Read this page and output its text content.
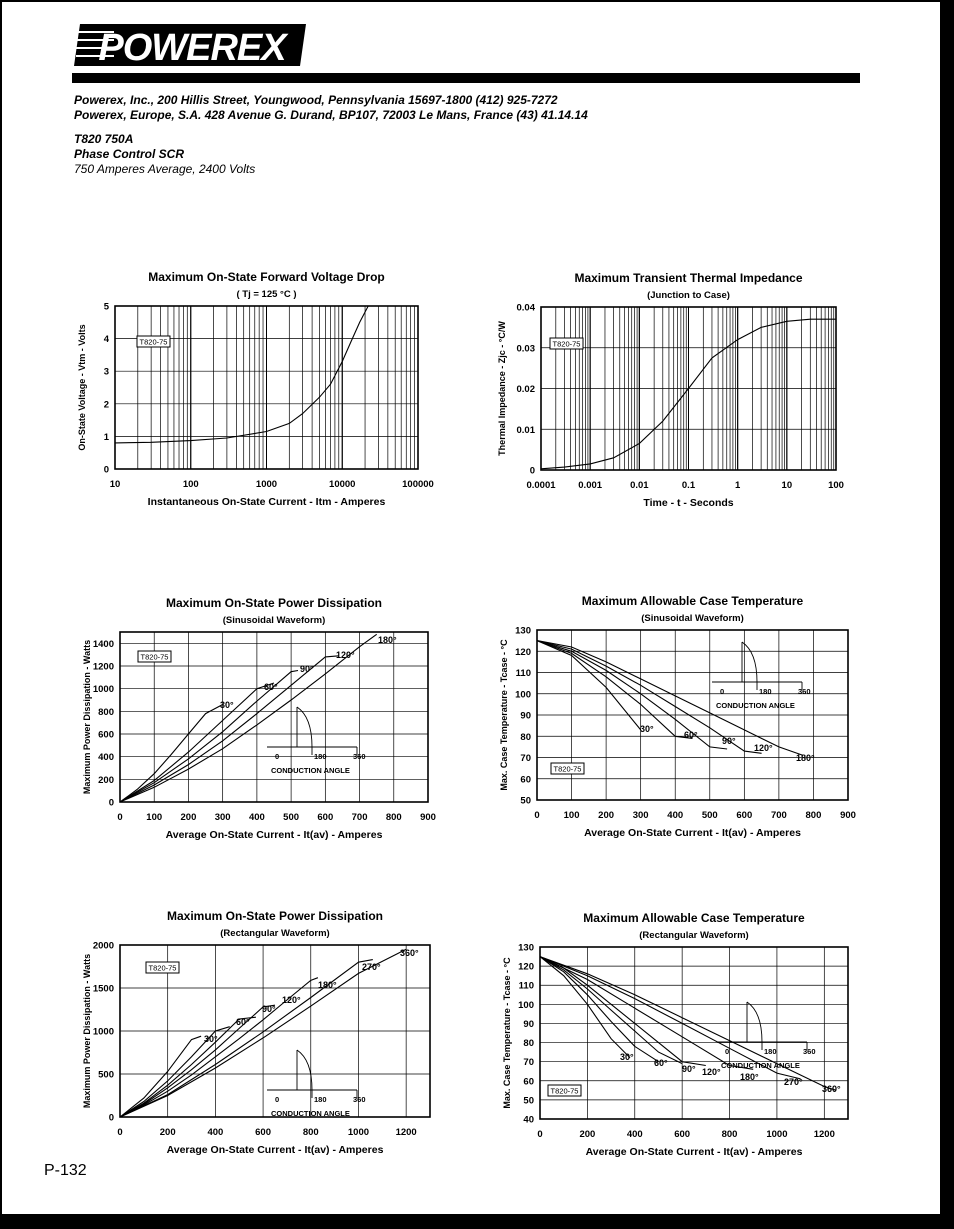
POWEREX
Powerex, Inc., 200 Hillis Street, Youngwood, Pennsylvania 15697-1800 (412) 925-7272
Powerex, Europe, S.A. 428 Avenue G. Durand, BP107, 72003 Le Mans, France (43) 41.14.14
T820 750A
Phase Control SCR
750 Amperes Average, 2400 Volts
Maximum On-State Forward Voltage Drop
( Tj = 125 °C )
10	100	1000	10000	100000
0
1
2
3
4
5
Instantaneous On-State Current - Itm - Amperes
On-State Voltage - Vtm - Volts	T820-75
Maximum Transient Thermal Impedance
(Junction to Case)
0.0001 0.001	0.01	0.1	1	10	100
0
0.01
0.02
0.03
0.04
Time - t - Seconds
Thermal Impedance - Zjc - °C/W	T820-75
Maximum On-State Power Dissipation
(Sinusoidal Waveform)
0 100 200 300 400 500 600 700 800 900
0
200
400
600
800
1000
1200
1400
Average On-State Current - It(av) - Amperes
Maximum Power Dissipation - Watts	T820-75
30°
60°
90°
120°
180°
0	180	360
CONDUCTION ANGLE
Maximum Allowable Case Temperature
(Sinusoidal Waveform)
0	100 200 300 400 500 600 700 800 900
50
60
70
80
90
100
110
120
130
Average On-State Current - It(av) - Amperes
Max. Case Temperature - Tcase - °C	T820-75
30°
60°
90°
120°
180°
0	180	360
CONDUCTION ANGLE
Maximum On-State Power Dissipation
(Rectangular Waveform)
0	200	400	600	800	1000	1200
0
500
1000
1500
2000
Average On-State Current - It(av) - Amperes
Maximum Power Dissipation - Watts	T820-75
30°
60°
90°
120°
180°
270°
360°
0	180	360
CONDUCTION ANGLE
Maximum Allowable Case Temperature
(Rectangular Waveform)
0	200	400	600	800	1000	1200
40
50
60
70
80
90
100
110
120
130
Average On-State Current - It(av) - Amperes
Max. Case Temperature - Tcase - °C	T820-75
30°
60°
90° 120° 180°	270°
360°
0	180	360
CONDUCTION ANGLE
P-132
